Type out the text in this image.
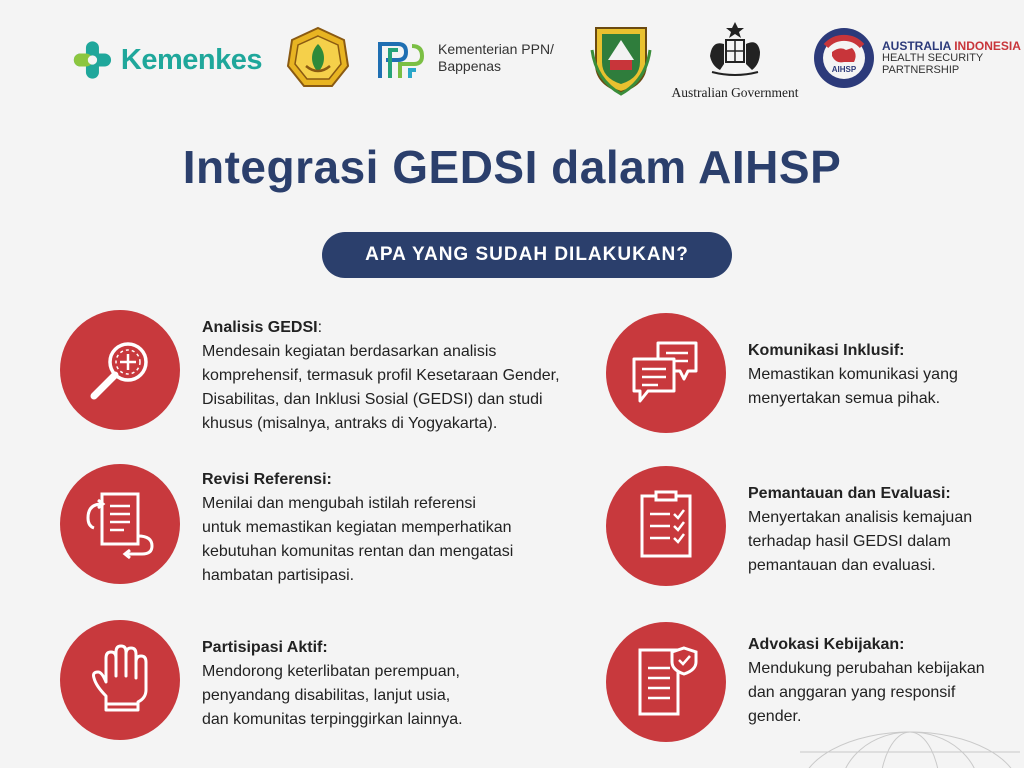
Kemenkes	Kementerian PPN/
Bappenas
Australian Government
AIHSP
AUSTRALIA INDONESIA
HEALTH SECURITY
PARTNERSHIP
Integrasi GEDSI dalam AIHSP
APA YANG SUDAH DILAKUKAN?
Analisis GEDSI:
Mendesain kegiatan berdasarkan analisis
komprehensif, termasuk profil Kesetaraan Gender,
Disabilitas, dan Inklusi Sosial (GEDSI) dan studi
khusus (misalnya, antraks di Yogyakarta).
Komunikasi Inklusif:
Memastikan komunikasi yang
menyertakan semua pihak.
Revisi Referensi:
Menilai dan mengubah istilah referensi
untuk memastikan kegiatan memperhatikan
kebutuhan komunitas rentan dan mengatasi
hambatan partisipasi.
Pemantauan dan Evaluasi:
Menyertakan analisis kemajuan
terhadap hasil GEDSI dalam
pemantauan dan evaluasi.
Partisipasi Aktif:
Mendorong keterlibatan perempuan,
penyandang disabilitas, lanjut usia,
dan komunitas terpinggirkan lainnya.
Advokasi Kebijakan:
Mendukung perubahan kebijakan
dan anggaran yang responsif
gender.
